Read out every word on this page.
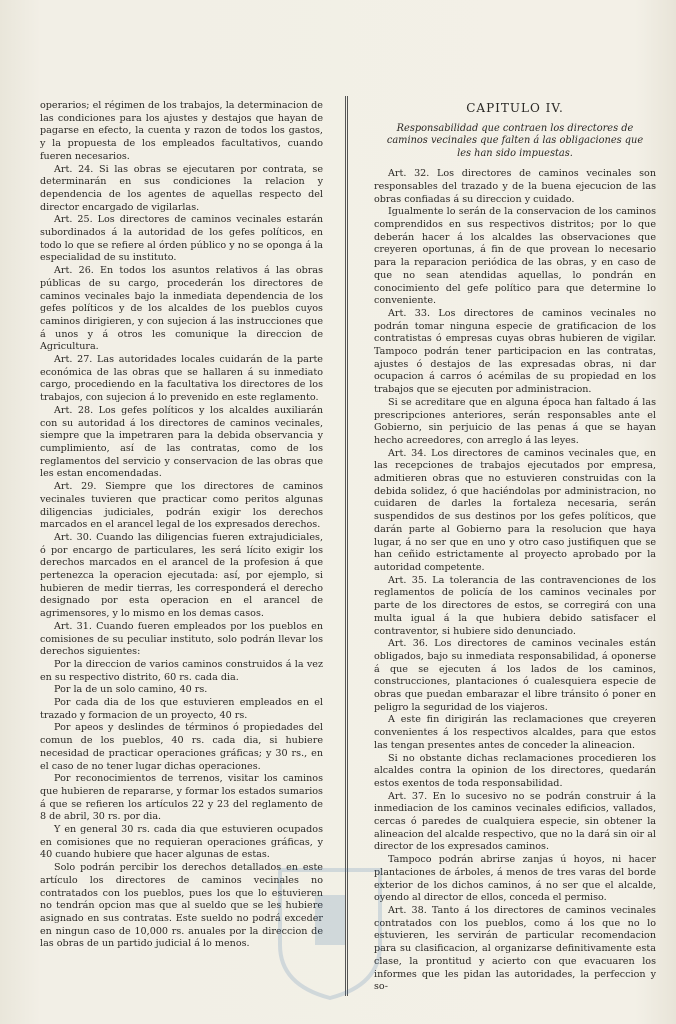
operarios; el régimen de los trabajos, la determinacion de las condiciones para los ajustes y destajos que hayan de pagarse en efecto, la cuenta y razon de todos los gastos, y la propuesta de los empleados facultativos, cuando fueren necesarios.

Art. 24. Si las obras se ejecutaren por contrata, se determinarán en sus condiciones la relacion y dependencia de los agentes de aquellas respecto del director encargado de vigilarlas.

Art. 25. Los directores de caminos vecinales estarán subordinados á la autoridad de los gefes políticos, en todo lo que se refiere al órden público y no se oponga á la especialidad de su instituto.

Art. 26. En todos los asuntos relativos á las obras públicas de su cargo, procederán los directores de caminos vecinales bajo la inmediata dependencia de los gefes políticos y de los alcaldes de los pueblos cuyos caminos dirigieren, y con sujecion á las instrucciones que á unos y á otros les comunique la direccion de Agricultura.

Art. 27. Las autoridades locales cuidarán de la parte económica de las obras que se hallaren á su inmediato cargo, procediendo en la facultativa los directores de los trabajos, con sujecion á lo prevenido en este reglamento.

Art. 28. Los gefes políticos y los alcaldes auxiliarán con su autoridad á los directores de caminos vecinales, siempre que la impetraren para la debida observancia y cumplimiento, así de las contratas, como de los reglamentos del servicio y conservacion de las obras que les estan encomendadas.

Art. 29. Siempre que los directores de caminos vecinales tuvieren que practicar como peritos algunas diligencias judiciales, podrán exigir los derechos marcados en el arancel legal de los expresados derechos.

Art. 30. Cuando las diligencias fueren extrajudiciales, ó por encargo de particulares, les será lícito exigir los derechos marcados en el arancel de la profesion á que pertenezca la operacion ejecutada: así, por ejemplo, si hubieren de medir tierras, les corresponderá el derecho designado por esta operacion en el arancel de agrimensores, y lo mismo en los demas casos.

Art. 31. Cuando fueren empleados por los pueblos en comisiones de su peculiar instituto, solo podrán llevar los derechos siguientes:

Por la direccion de varios caminos construidos á la vez en su respectivo distrito, 60 rs. cada dia.

Por la de un solo camino, 40 rs.

Por cada dia de los que estuvieren empleados en el trazado y formacion de un proyecto, 40 rs.

Por apeos y deslindes de términos ó propiedades del comun de los pueblos, 40 rs. cada dia, si hubiere necesidad de practicar operaciones gráficas; y 30 rs., en el caso de no tener lugar dichas operaciones.

Por reconocimientos de terrenos, visitar los caminos que hubieren de repararse, y formar los estados sumarios á que se refieren los artículos 22 y 23 del reglamento de 8 de abril, 30 rs. por dia.

Y en general 30 rs. cada dia que estuvieren ocupados en comisiones que no requieran operaciones gráficas, y 40 cuando hubiere que hacer algunas de estas.

Solo podrán percibir los derechos detallados en este artículo los directores de caminos vecinales no contratados con los pueblos, pues los que lo estuvieren no tendrán opcion mas que al sueldo que se les hubiere asignado en sus contratas. Este sueldo no podrá exceder en ningun caso de 10,000 rs. anuales por la direccion de las obras de un partido judicial á lo menos.

CAPITULO IV.
Responsabilidad que contraen los directores de caminos vecinales que falten á las obligaciones que les han sido impuestas.

Art. 32. Los directores de caminos vecinales son responsables del trazado y de la buena ejecucion de las obras confiadas á su direccion y cuidado.

Igualmente lo serán de la conservacion de los caminos comprendidos en sus respectivos distritos; por lo que deberán hacer á los alcaldes las observaciones que creyeren oportunas, á fin de que provean lo necesario para la reparacion periódica de las obras, y en caso de que no sean atendidas aquellas, lo pondrán en conocimiento del gefe político para que determine lo conveniente.

Art. 33. Los directores de caminos vecinales no podrán tomar ninguna especie de gratificacion de los contratistas ó empresas cuyas obras hubieren de vigilar. Tampoco podrán tener participacion en las contratas, ajustes ó destajos de las expresadas obras, ni dar ocupacion á carros ó acémilas de su propiedad en los trabajos que se ejecuten por administracion.

Si se acreditare que en alguna época han faltado á las prescripciones anteriores, serán responsables ante el Gobierno, sin perjuicio de las penas á que se hayan hecho acreedores, con arreglo á las leyes.

Art. 34. Los directores de caminos vecinales que, en las recepciones de trabajos ejecutados por empresa, admitieren obras que no estuvieren construidas con la debida solidez, ó que haciéndolas por administracion, no cuidaren de darles la fortaleza necesaria, serán suspendidos de sus destinos por los gefes políticos, que darán parte al Gobierno para la resolucion que haya lugar, á no ser que en uno y otro caso justifiquen que se han ceñido estrictamente al proyecto aprobado por la autoridad competente.

Art. 35. La tolerancia de las contravenciones de los reglamentos de policía de los caminos vecinales por parte de los directores de estos, se corregirá con una multa igual á la que hubiera debido satisfacer el contraventor, si hubiere sido denunciado.

Art. 36. Los directores de caminos vecinales están obligados, bajo su inmediata responsabilidad, á oponerse á que se ejecuten á los lados de los caminos, construcciones, plantaciones ó cualesquiera especie de obras que puedan embarazar el libre tránsito ó poner en peligro la seguridad de los viajeros.

A este fin dirigirán las reclamaciones que creyeren convenientes á los respectivos alcaldes, para que estos las tengan presentes antes de conceder la alineacion.

Si no obstante dichas reclamaciones procedieren los alcaldes contra la opinion de los directores, quedarán estos exentos de toda responsabilidad.

Art. 37. En lo sucesivo no se podrán construir á la inmediacion de los caminos vecinales edificios, vallados, cercas ó paredes de cualquiera especie, sin obtener la alineacion del alcalde respectivo, que no la dará sin oir al director de los expresados caminos.

Tampoco podrán abrirse zanjas ú hoyos, ni hacer plantaciones de árboles, á menos de tres varas del borde exterior de los dichos caminos, á no ser que el alcalde, oyendo al director de ellos, conceda el permiso.

Art. 38. Tanto á los directores de caminos vecinales contratados con los pueblos, como á los que no lo estuvieren, les servirán de particular recomendacion para su clasificacion, al organizarse definitivamente esta clase, la prontitud y acierto con que evacuaren los informes que les pidan las autoridades, la perfeccion y so-
